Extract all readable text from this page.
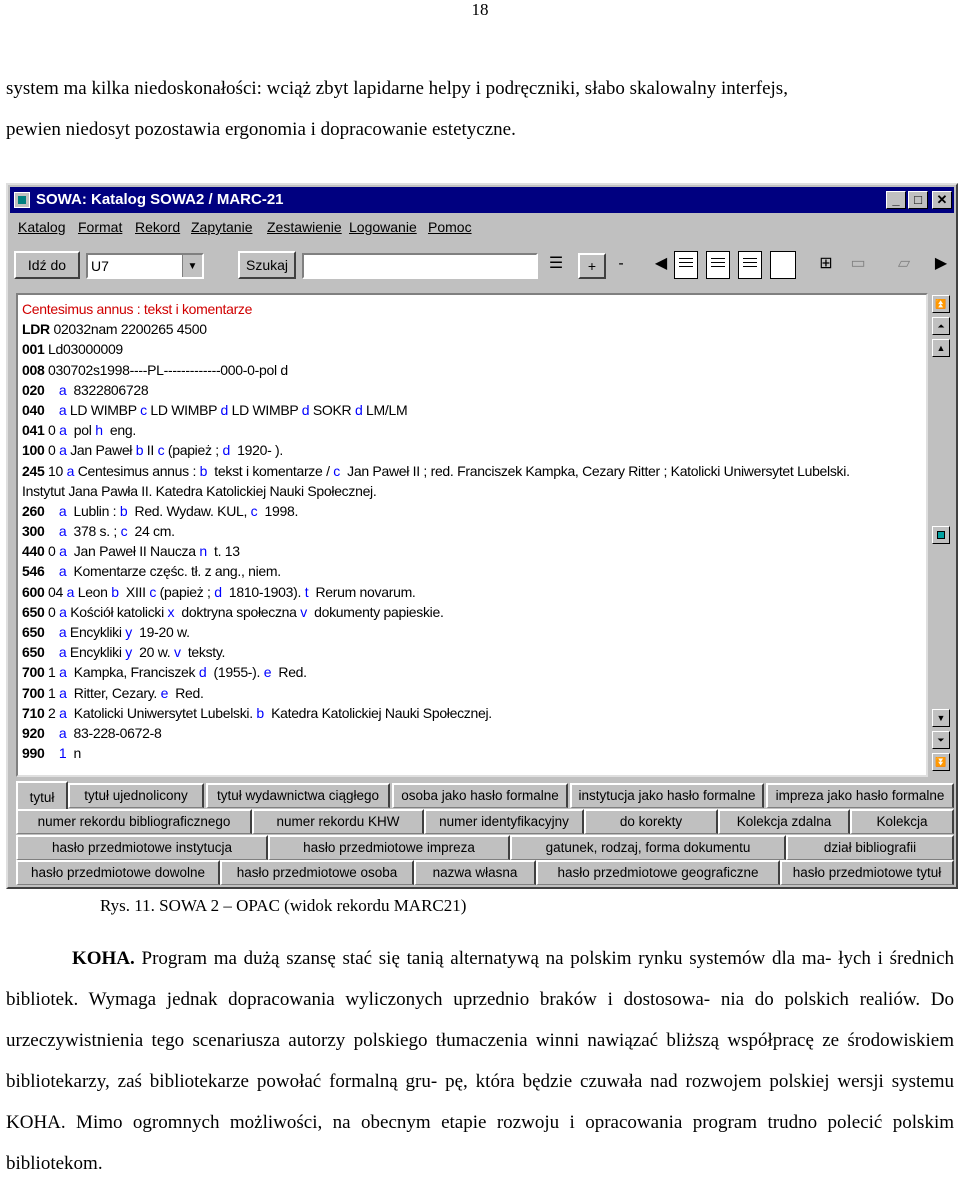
18

system ma kilka niedoskonałości: wciąż zbyt lapidarne helpy i podręczniki, słabo skalowalny interfejs,
pewien niedosyt pozostawia ergonomia i dopracowanie estetyczne.

SOWA: Katalog SOWA2 / MARC-21	_	□	✕
Katalog Format Rekord Zapytanie Zestawienie Logowanie Pomoc
Idź do	U7	▼	Szukaj	☰	+	-	◀	⊞	▭	▱	▶
Centesimus annus : tekst i komentarze
LDR 02032nam 2200265 4500
001 Ld03000009
008 030702s1998----PL-------------000-0-pol d
020 a  8322806728
040 a LD WIMBP c LD WIMBP d LD WIMBP d SOKR d LM/LM
041 0 a  pol h  eng.
100 0 a Jan Paweł b II c (papież ; d  1920- ).
245 10 a Centesimus annus : b  tekst i komentarze / c  Jan Paweł II ; red. Franciszek Kampka, Cezary Ritter ; Katolicki Uniwersytet Lubelski.
Instytut Jana Pawła II. Katedra Katolickiej Nauki Społecznej.
260 a  Lublin : b  Red. Wydaw. KUL, c  1998.
300 a  378 s. ; c  24 cm.
440 0 a  Jan Paweł II Naucza n  t. 13
546 a  Komentarze częśc. tł. z ang., niem.
600 04 a Leon b  XIII c (papież ; d  1810-1903). t  Rerum novarum.
650 0 a Kościół katolicki x  doktryna społeczna v  dokumenty papieskie.
650 a Encykliki y  19-20 w.
650 a Encykliki y  20 w. v  teksty.
700 1 a  Kampka, Franciszek d  (1955-). e  Red.
700 1 a  Ritter, Cezary. e  Red.
710 2 a  Katolicki Uniwersytet Lubelski. b  Katedra Katolickiej Nauki Społecznej.
920 a  83-228-0672-8
990 1  n
⏫
⏶
▲
▼
⏷
⏬
tytuł	tytuł ujednolicony	tytuł wydawnictwa ciągłego	osoba jako hasło formalne	instytucja jako hasło formalne	impreza jako hasło formalne
numer rekordu bibliograficznego	numer rekordu KHW	numer identyfikacyjny	do korekty	Kolekcja zdalna	Kolekcja
hasło przedmiotowe instytucja	hasło przedmiotowe impreza	gatunek, rodzaj, forma dokumentu	dział bibliografii
hasło przedmiotowe dowolne	hasło przedmiotowe osoba	nazwa własna	hasło przedmiotowe geograficzne	hasło przedmiotowe tytuł
Rys. 11. SOWA 2 – OPAC (widok rekordu MARC21)

KOHA. Program ma dużą szansę stać się tanią alternatywą na polskim rynku systemów dla ma- łych i średnich bibliotek. Wymaga jednak dopracowania wyliczonych uprzednio braków i dostosowa- nia do polskich realiów. Do urzeczywistnienia tego scenariusza autorzy polskiego tłumaczenia winni nawiązać bliższą współpracę ze środowiskiem bibliotekarzy, zaś bibliotekarze powołać formalną gru- pę, która będzie czuwała nad rozwojem polskiej wersji systemu KOHA. Mimo ogromnych możliwości, na obecnym etapie rozwoju i opracowania program trudno polecić polskim bibliotekom.
